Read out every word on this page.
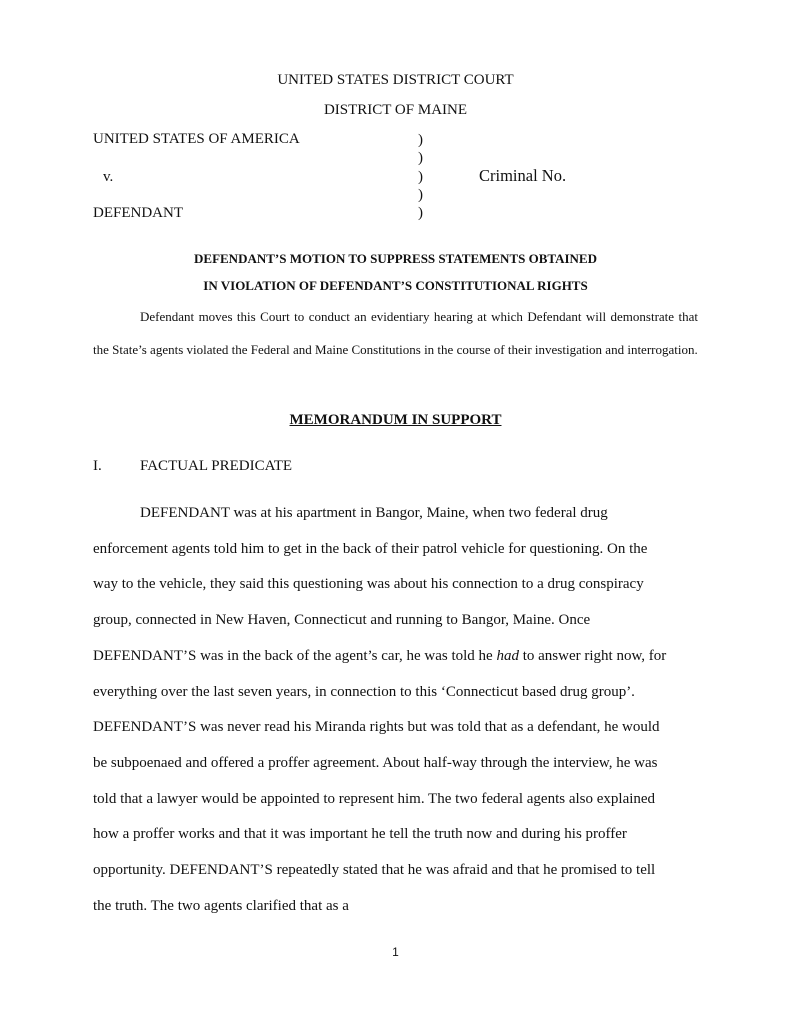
UNITED STATES DISTRICT COURT
DISTRICT OF MAINE
UNITED STATES OF AMERICA
v.
DEFENDANT
)
)
)
)
)
Criminal No.
DEFENDANT’S MOTION TO SUPPRESS STATEMENTS OBTAINED
IN VIOLATION OF DEFENDANT’S CONSTITUTIONAL RIGHTS

Defendant moves this Court to conduct an evidentiary hearing at which Defendant will demonstrate that the State’s agents violated the Federal and Maine Constitutions in the course of their investigation and interrogation.

MEMORANDUM IN SUPPORT
I.	FACTUAL PREDICATE
DEFENDANT was at his apartment in Bangor, Maine, when two federal drug
enforcement agents told him to get in the back of their patrol vehicle for questioning. On the
way to the vehicle, they said this questioning was about his connection to a drug conspiracy
group, connected in New Haven, Connecticut and running to Bangor, Maine. Once
DEFENDANT’S was in the back of the agent’s car, he was told he had to answer right now, for
everything over the last seven years, in connection to this ‘Connecticut based drug group’.
DEFENDANT’S was never read his Miranda rights but was told that as a defendant, he would
be subpoenaed and offered a proffer agreement. About half-way through the interview, he was
told that a lawyer would be appointed to represent him. The two federal agents also explained
how a proffer works and that it was important he tell the truth now and during his proffer
opportunity. DEFENDANT’S repeatedly stated that he was afraid and that he promised to tell
the truth. The two agents clarified that as a
1
